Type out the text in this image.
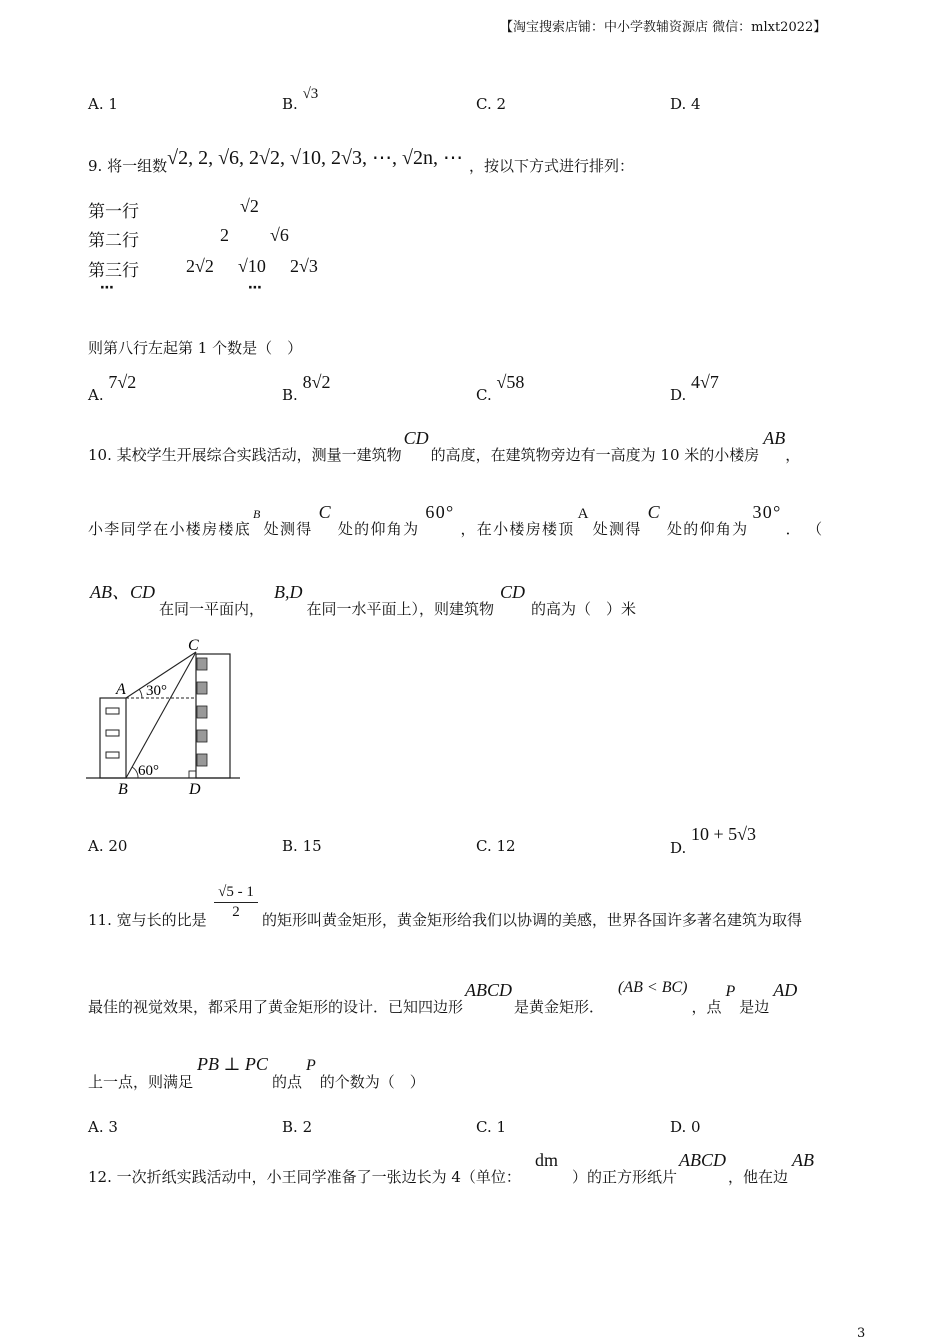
【淘宝搜索店铺：中小学教辅资源店 微信：mlxt2022】
A. 1	B. √3
C. 2	D. 4
9. 将一组数√2, 2, √6, 2√2, √10, 2√3, ⋯, √2n, ⋯ ，按以下方式进行排列：
第一行	√2
第二行	2 √6
第三行	2√2 √10 2√3
⋯	⋯
则第八行左起第 1 个数是（　）
A. 7√2
B. 8√2
C. √58
D. 4√7
10. 某校学生开展综合实践活动，测量一建筑物CD的高度，在建筑物旁边有一高度为 10 米的小楼房AB，
小李同学在小楼房楼底B处测得C处的仰角为60°，在小楼房楼顶A处测得C处的仰角为30°．（
AB、CD在同一平面内，B,D在同一水平面上），则建筑物CD的高为（　）米
C
A
B	D
30°
60°
A. 20	B. 15	C. 12	D. 10 + 5√3
11. 宽与长的比是
√5 - 1
2	的矩形叫黄金矩形，黄金矩形给我们以协调的美感，世界各国许多著名建筑为取得
最佳的视觉效果，都采用了黄金矩形的设计．已知四边形ABCD是黄金矩形．(AB < BC)，点P是边AD
上一点，则满足PB ⊥ PC的点P的个数为（　）
A. 3	B. 2	C. 1	D. 0
12. 一次折纸实践活动中，小王同学准备了一张边长为 4（单位：dm）的正方形纸片ABCD，他在边AB
3
